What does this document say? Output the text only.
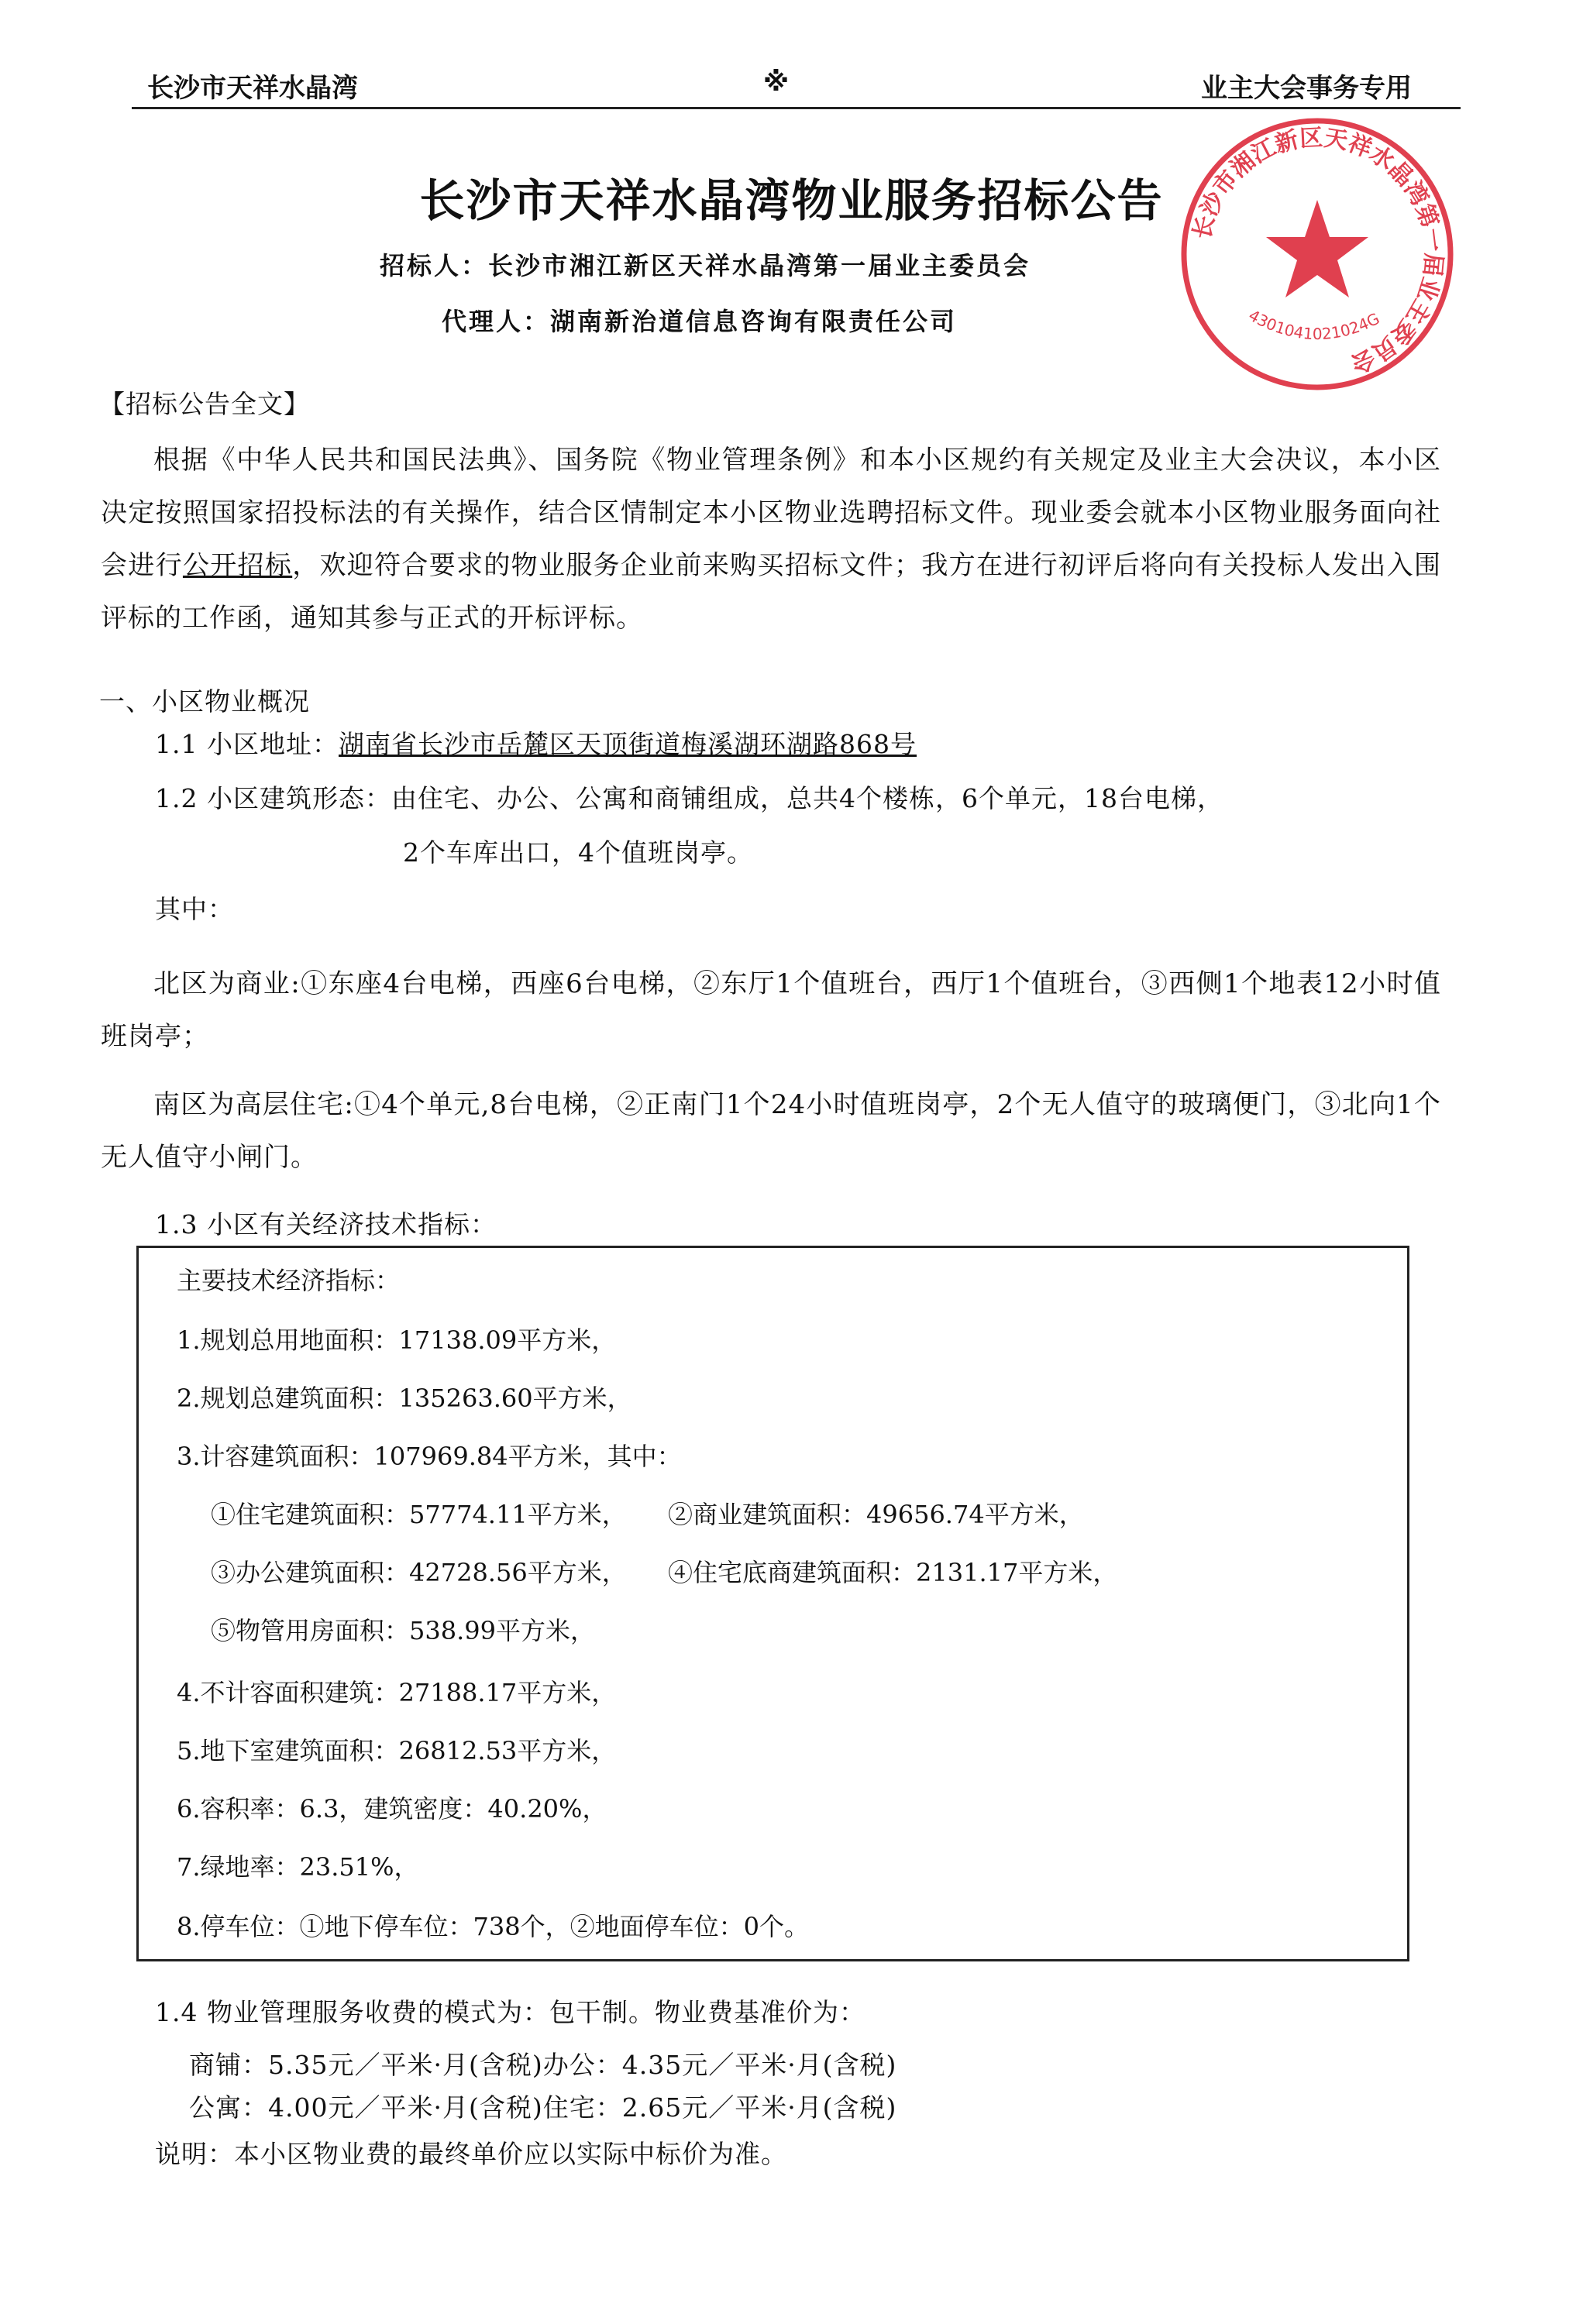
长沙市天祥水晶湾	※	业主大会事务专用
长沙市天祥水晶湾物业服务招标公告
招标人：长沙市湘江新区天祥水晶湾第一届业主委员会
代理人：湖南新治道信息咨询有限责任公司
长沙市湘江新区天祥水晶湾第一届业主委员会
4301041021024G
【招标公告全文】

根据《中华人民共和国民法典》、国务院《物业管理条例》和本小区规约有关规定及业主大会决议，本小区决定按照国家招投标法的有关操作，结合区情制定本小区物业选聘招标文件。现业委会就本小区物业服务面向社会进行公开招标，欢迎符合要求的物业服务企业前来购买招标文件；我方在进行初评后将向有关投标人发出入围评标的工作函，通知其参与正式的开标评标。

一、小区物业概况
1.1 小区地址：湖南省长沙市岳麓区天顶街道梅溪湖环湖路868号
1.2 小区建筑形态：由住宅、办公、公寓和商铺组成，总共4个楼栋，6个单元，18台电梯，
2个车库出口，4个值班岗亭。
其中：

北区为商业:①东座4台电梯，西座6台电梯，②东厅1个值班台，西厅1个值班台，③西侧1个地表12小时值班岗亭；

南区为高层住宅:①4个单元,8台电梯，②正南门1个24小时值班岗亭，2个无人值守的玻璃便门，③北向1个无人值守小闸门。

1.3 小区有关经济技术指标：
主要技术经济指标：
1.规划总用地面积：17138.09平方米，
2.规划总建筑面积：135263.60平方米，
3.计容建筑面积：107969.84平方米，其中：
①住宅建筑面积：57774.11平方米， ②商业建筑面积：49656.74平方米，
③办公建筑面积：42728.56平方米， ④住宅底商建筑面积：2131.17平方米，
⑤物管用房面积：538.99平方米，
4.不计容面积建筑：27188.17平方米，
5.地下室建筑面积：26812.53平方米，
6.容积率：6.3，建筑密度：40.20%，
7.绿地率：23.51%，
8.停车位：①地下停车位：738个，②地面停车位：0个。
1.4 物业管理服务收费的模式为：包干制。物业费基准价为：
商铺：5.35元／平米·月(含税)办公：4.35元／平米·月(含税)
公寓：4.00元／平米·月(含税)住宅：2.65元／平米·月(含税)
说明：本小区物业费的最终单价应以实际中标价为准。
